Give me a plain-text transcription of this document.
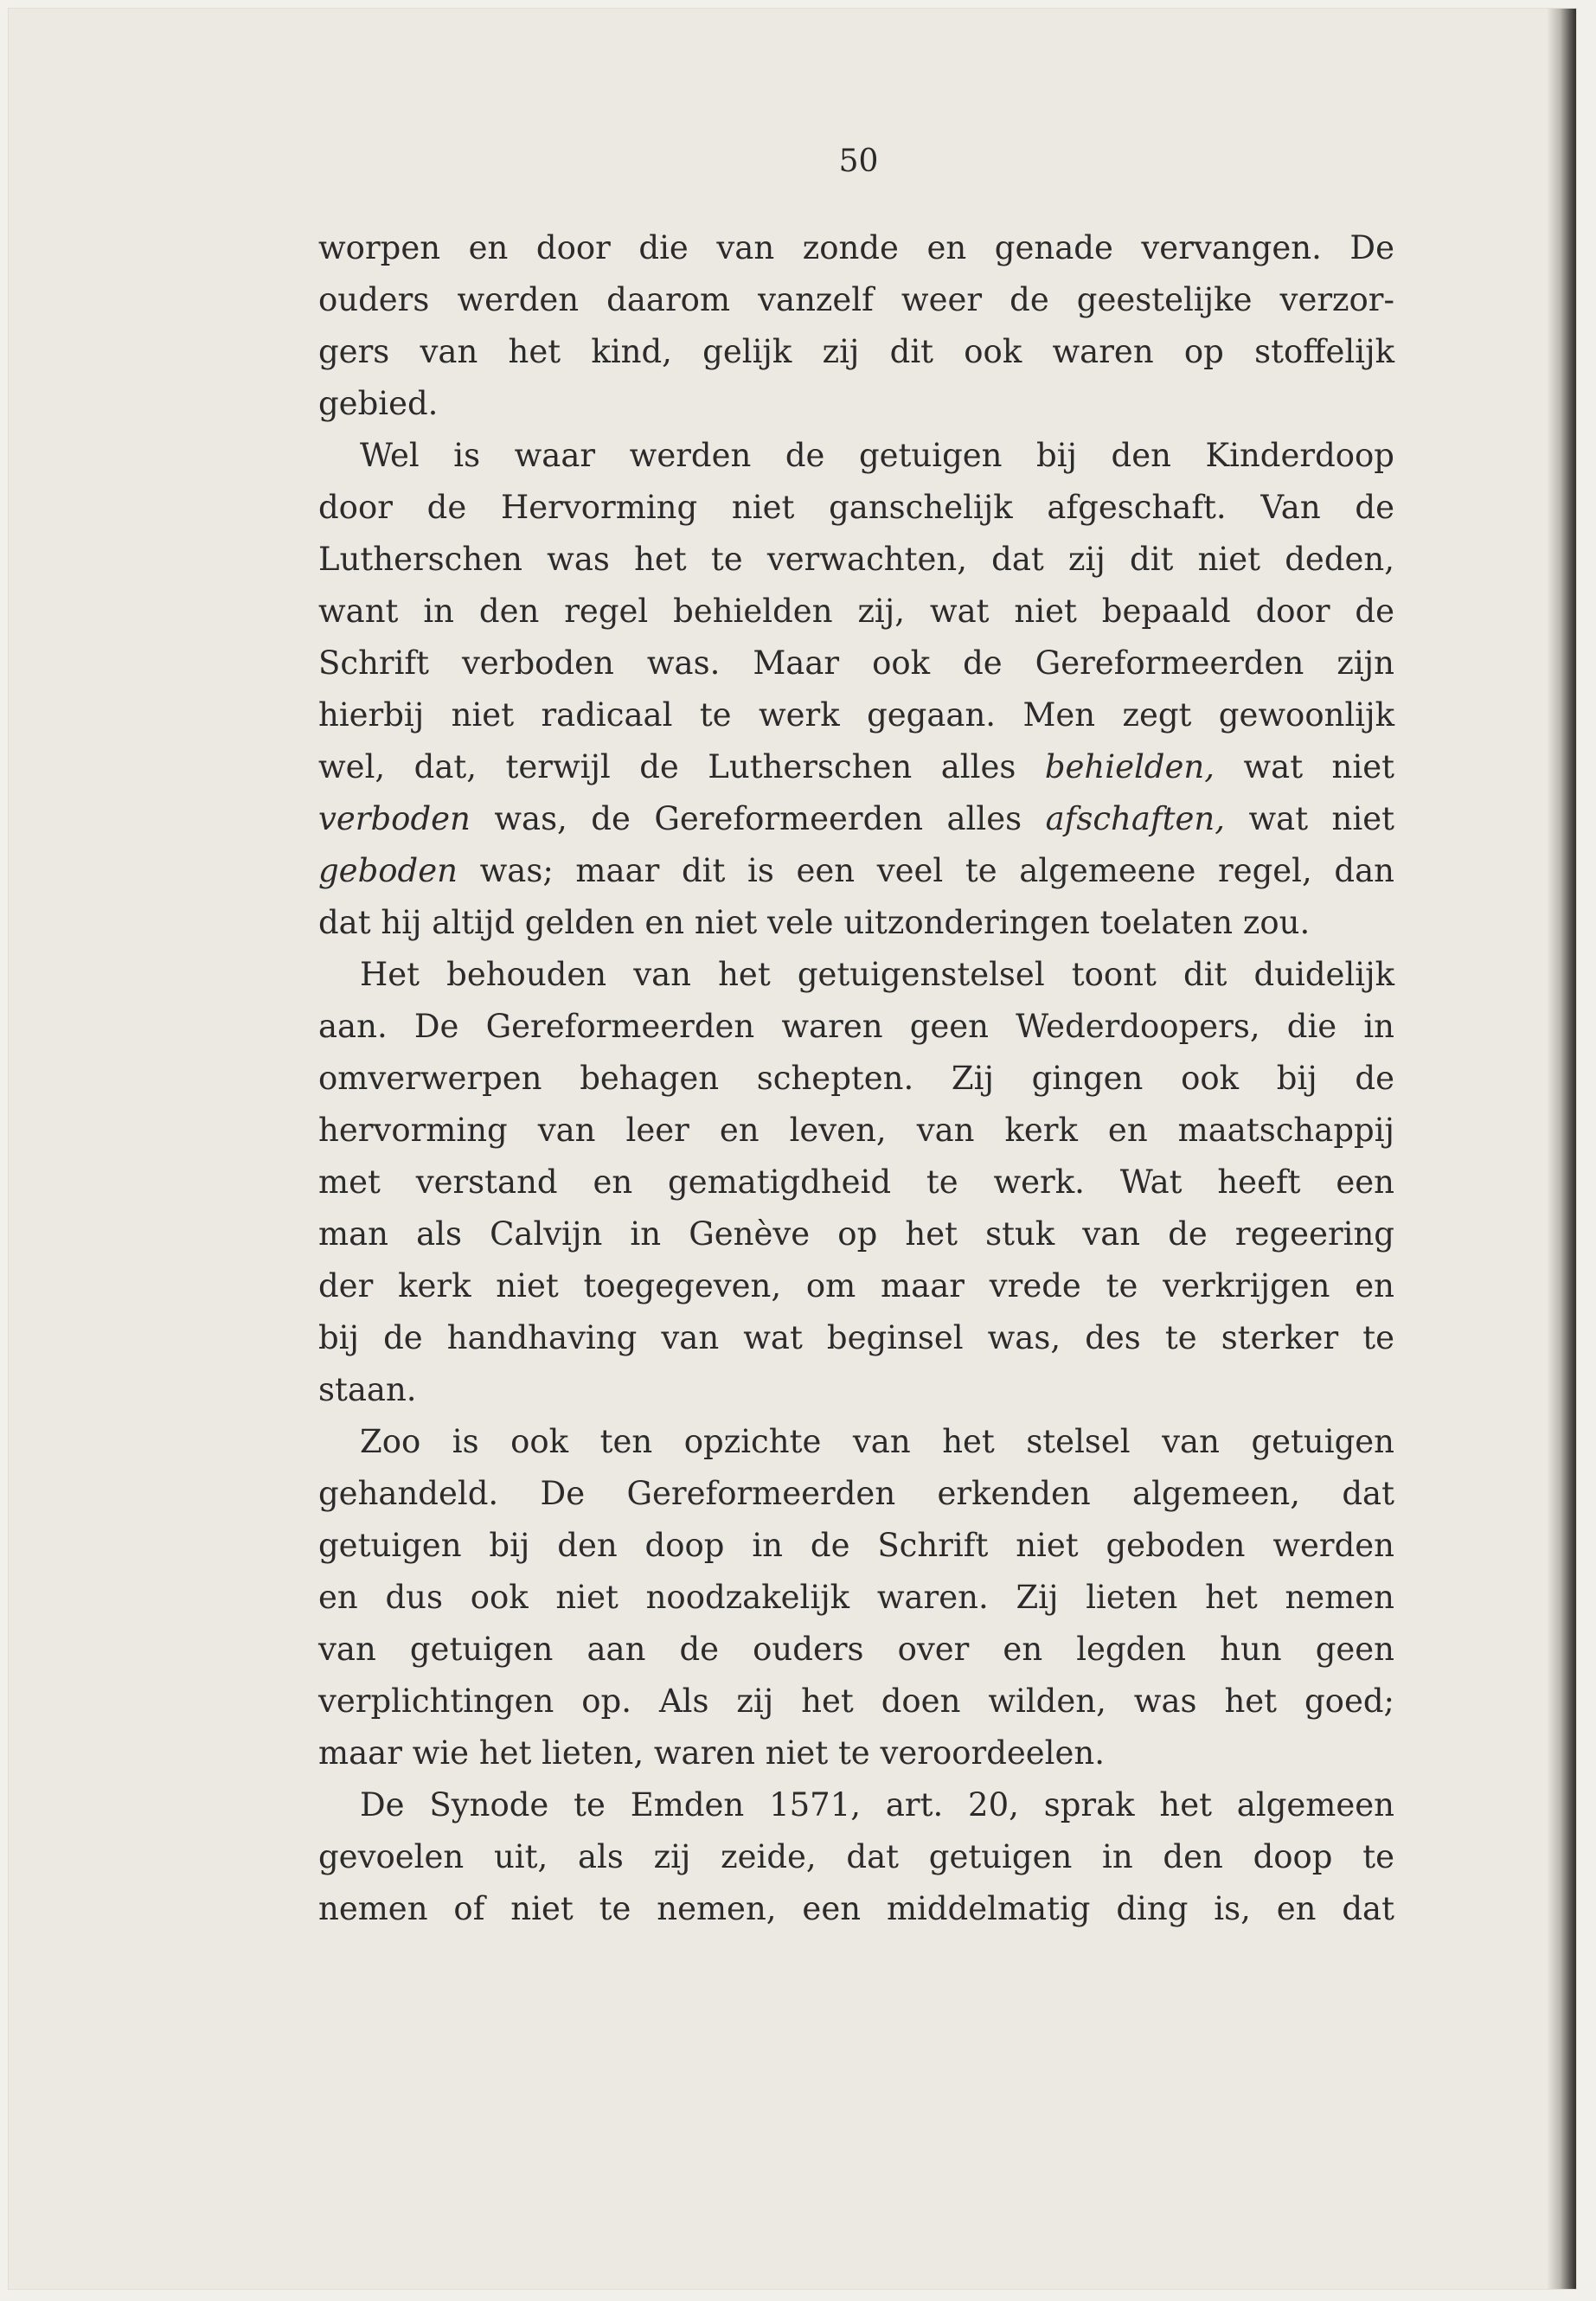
50

worpen en door die van zonde en genade vervangen. De
ouders werden daarom vanzelf weer de geestelijke verzor-
gers van het kind, gelijk zij dit ook waren op stoffelijk
gebied.
Wel is waar werden de getuigen bij den Kinderdoop
door de Hervorming niet ganschelijk afgeschaft. Van de
Lutherschen was het te verwachten, dat zij dit niet deden,
want in den regel behielden zij, wat niet bepaald door de
Schrift verboden was. Maar ook de Gereformeerden zijn
hierbij niet radicaal te werk gegaan. Men zegt gewoonlijk
wel, dat, terwijl de Lutherschen alles behielden, wat niet
verboden was, de Gereformeerden alles afschaften, wat niet
geboden was; maar dit is een veel te algemeene regel, dan
dat hij altijd gelden en niet vele uitzonderingen toelaten zou.
Het behouden van het getuigenstelsel toont dit duidelijk
aan. De Gereformeerden waren geen Wederdoopers, die in
omverwerpen behagen schepten. Zij gingen ook bij de
hervorming van leer en leven, van kerk en maatschappij
met verstand en gematigdheid te werk. Wat heeft een
man als Calvijn in Genève op het stuk van de regeering
der kerk niet toegegeven, om maar vrede te verkrijgen en
bij de handhaving van wat beginsel was, des te sterker te
staan.
Zoo is ook ten opzichte van het stelsel van getuigen
gehandeld. De Gereformeerden erkenden algemeen, dat
getuigen bij den doop in de Schrift niet geboden werden
en dus ook niet noodzakelijk waren. Zij lieten het nemen
van getuigen aan de ouders over en legden hun geen
verplichtingen op. Als zij het doen wilden, was het goed;
maar wie het lieten, waren niet te veroordeelen.
De Synode te Emden 1571, art. 20, sprak het algemeen
gevoelen uit, als zij zeide, dat getuigen in den doop te
nemen of niet te nemen, een middelmatig ding is, en dat
